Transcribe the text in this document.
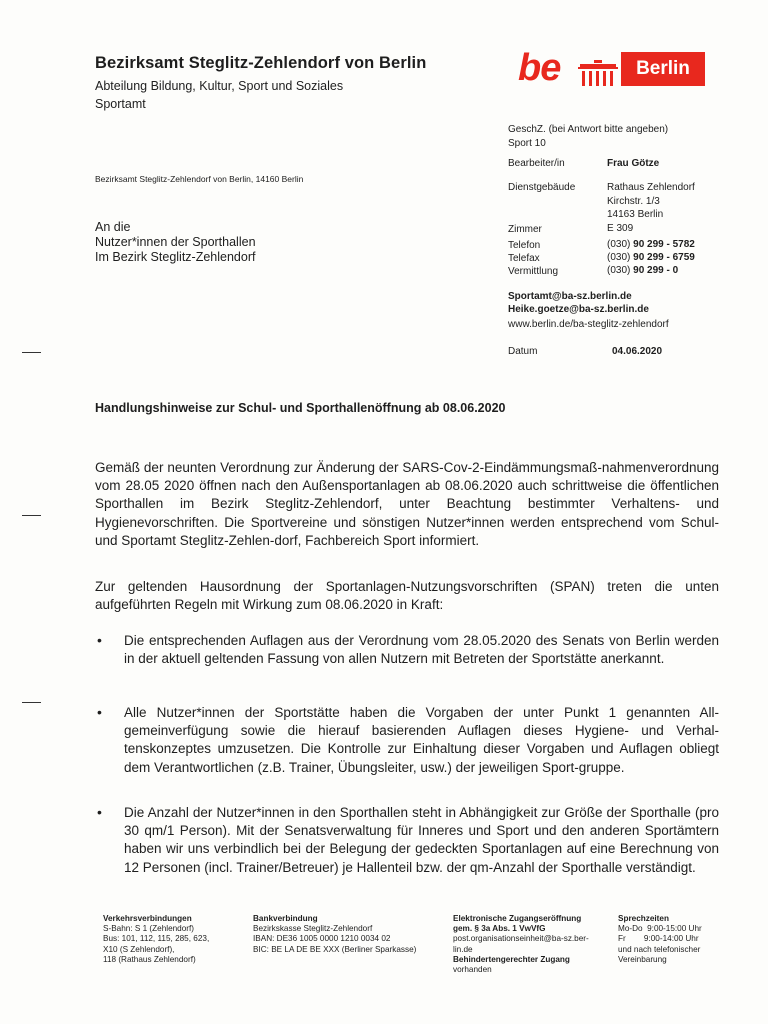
Bezirksamt Steglitz-Zehlendorf von Berlin
Abteilung Bildung, Kultur, Sport und Soziales
Sportamt
be	Berlin
Bezirksamt Steglitz-Zehlendorf von Berlin, 14160 Berlin
An die
Nutzer*innen der Sporthallen
Im Bezirk Steglitz-Zehlendorf
GeschZ. (bei Antwort bitte angeben)
Sport 10
Bearbeiter/in	Frau Götze
Dienstgebäude	Rathaus Zehlendorf
Kirchstr. 1/3
14163 Berlin
Zimmer	E 309
Telefon	(030) 90 299 - 5782
Telefax	(030) 90 299 - 6759
Vermittlung	(030) 90 299 - 0
Sportamt@ba-sz.berlin.de
Heike.goetze@ba-sz.berlin.de
www.berlin.de/ba-steglitz-zehlendorf
Datum	04.06.2020
Handlungshinweise zur Schul- und Sporthallenöffnung ab 08.06.2020
Gemäß der neunten Verordnung zur Änderung der SARS-Cov-2-Eindämmungsmaß-nahmenverordnung vom 28.05 2020 öffnen nach den Außensportanlagen ab 08.06.2020 auch schrittweise die öffentlichen Sporthallen im Bezirk Steglitz-Zehlendorf, unter Beachtung bestimmter Verhaltens- und Hygienevorschriften. Die Sportvereine und sönstigen Nutzer*innen werden entsprechend vom Schul- und Sportamt Steglitz-Zehlen-dorf, Fachbereich Sport informiert.
Zur geltenden Hausordnung der Sportanlagen-Nutzungsvorschriften (SPAN) treten die unten aufgeführten Regeln mit Wirkung zum 08.06.2020 in Kraft:
• Die entsprechenden Auflagen aus der Verordnung vom 28.05.2020 des Senats von Berlin werden in der aktuell geltenden Fassung von allen Nutzern mit Betreten der Sportstätte anerkannt.
• Alle Nutzer*innen der Sportstätte haben die Vorgaben der unter Punkt 1 genannten All-gemeinverfügung sowie die hierauf basierenden Auflagen dieses Hygiene- und Verhal-tenskonzeptes umzusetzen. Die Kontrolle zur Einhaltung dieser Vorgaben und Auflagen obliegt dem Verantwortlichen (z.B. Trainer, Übungsleiter, usw.) der jeweiligen Sport-gruppe.
• Die Anzahl der Nutzer*innen in den Sporthallen steht in Abhängigkeit zur Größe der Sporthalle (pro 30 qm/1 Person). Mit der Senatsverwaltung für Inneres und Sport und den anderen Sportämtern haben wir uns verbindlich bei der Belegung der gedeckten Sportanlagen auf eine Berechnung von 12 Personen (incl. Trainer/Betreuer) je Hallenteil bzw. der qm-Anzahl der Sporthalle verständigt.
Verkehrsverbindungen
S-Bahn: S 1 (Zehlendorf)
Bus: 101, 112, 115, 285, 623,
X10 (S Zehlendorf),
118 (Rathaus Zehlendorf)
Bankverbindung
Bezirkskasse Steglitz-Zehlendorf
IBAN: DE36 1005 0000 1210 0034 02
BIC: BE LA DE BE XXX (Berliner Sparkasse)
Elektronische Zugangseröffnung
gem. § 3a Abs. 1 VwVfG
post.organisationseinheit@ba-sz.ber-
lin.de
Behindertengerechter Zugang
vorhanden
Sprechzeiten
Mo-Do  9:00-15:00 Uhr
Fr        9:00-14:00 Uhr
und nach telefonischer
Vereinbarung
